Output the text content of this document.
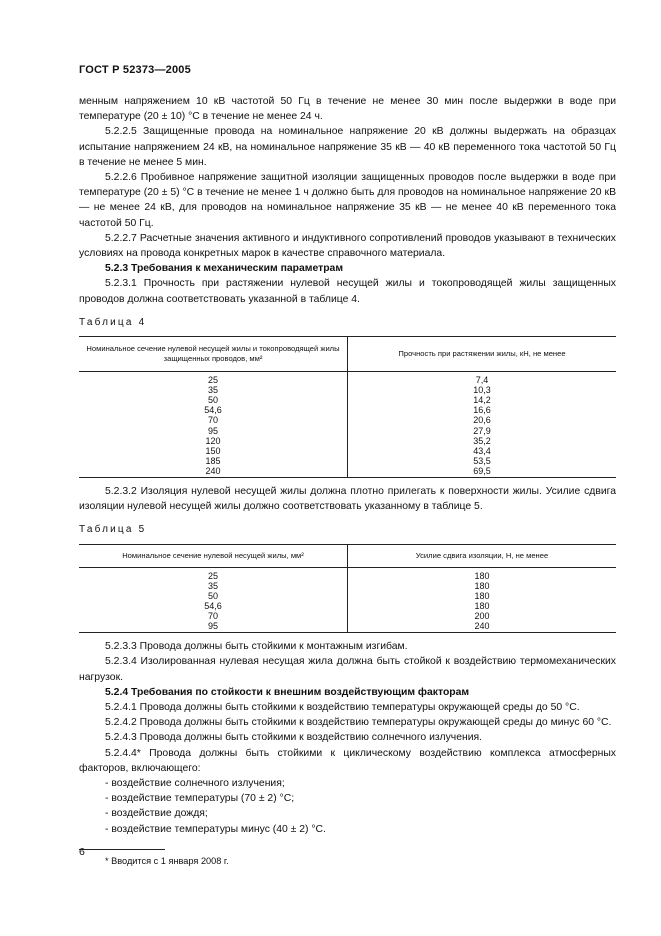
ГОСТ Р 52373—2005

менным напряжением 10 кВ частотой 50 Гц в течение не менее 30 мин после выдержки в воде при температуре (20 ± 10) °С в течение не менее 24 ч.

5.2.2.5 Защищенные провода на номинальное напряжение 20 кВ должны выдержать на образцах испытание напряжением 24 кВ, на номинальное напряжение 35 кВ — 40 кВ переменного тока частотой 50 Гц в течение не менее 5 мин.

5.2.2.6 Пробивное напряжение защитной изоляции защищенных проводов после выдержки в воде при температуре (20 ± 5) °С в течение не менее 1 ч должно быть для проводов на номинальное напряжение 20 кВ — не менее 24 кВ, для проводов на номинальное напряжение 35 кВ — не менее 40 кВ переменного тока частотой 50 Гц.

5.2.2.7 Расчетные значения активного и индуктивного сопротивлений проводов указывают в технических условиях на провода конкретных марок в качестве справочного материала.

5.2.3 Требования к механическим параметрам

5.2.3.1 Прочность при растяжении нулевой несущей жилы и токопроводящей жилы защищенных проводов должна соответствовать указанной в таблице 4.

Таблица 4
Номинальное сечение нулевой несущей жилы и токопроводящей жилы защищенных проводов, мм²	Прочность при растяжении жилы, кН, не менее
25	7,4
35	10,3
50	14,2
54,6	16,6
70	20,6
95	27,9
120	35,2
150	43,4
185	53,5
240	69,5

5.2.3.2 Изоляция нулевой несущей жилы должна плотно прилегать к поверхности жилы. Усилие сдвига изоляции нулевой несущей жилы должно соответствовать указанному в таблице 5.

Таблица 5
Номинальное сечение нулевой несущей жилы, мм²	Усилие сдвига изоляции, Н, не менее
25	180
35	180
50	180
54,6	180
70	200
95	240

5.2.3.3 Провода должны быть стойкими к монтажным изгибам.

5.2.3.4 Изолированная нулевая несущая жила должна быть стойкой к воздействию термомеханических нагрузок.

5.2.4 Требования по стойкости к внешним воздействующим факторам

5.2.4.1 Провода должны быть стойкими к воздействию температуры окружающей среды до 50 °С.

5.2.4.2 Провода должны быть стойкими к воздействию температуры окружающей среды до минус 60 °С.

5.2.4.3 Провода должны быть стойкими к воздействию солнечного излучения.

5.2.4.4* Провода должны быть стойкими к циклическому воздействию комплекса атмосферных факторов, включающего:

- воздействие солнечного излучения;

- воздействие температуры (70 ± 2) °С;

- воздействие дождя;

- воздействие температуры минус (40 ± 2) °С.

* Вводится с 1 января 2008 г.
6
